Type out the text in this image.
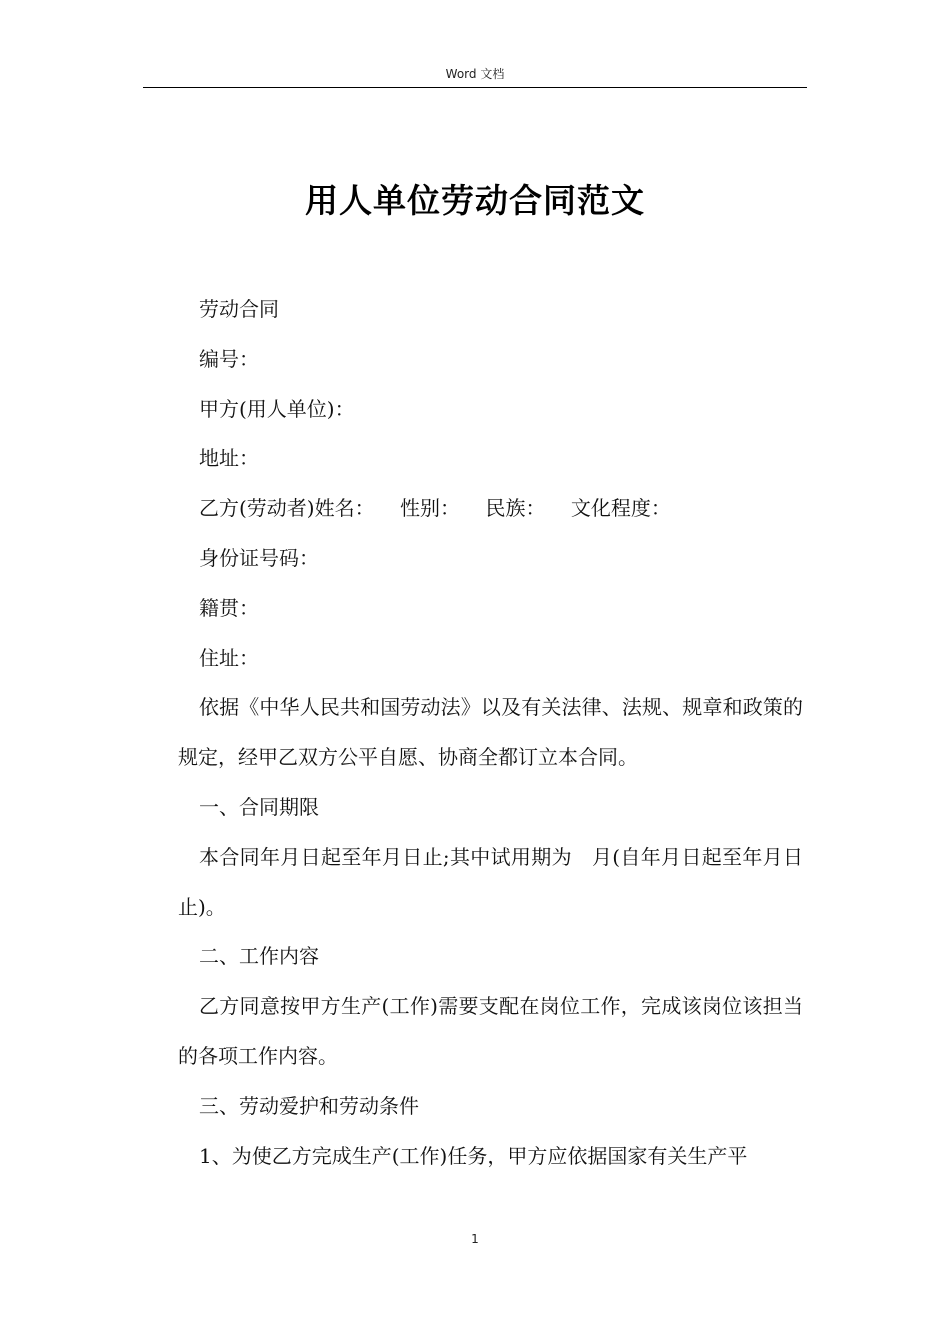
Word 文档
用人单位劳动合同范文

劳动合同

编号：

甲方(用人单位)：

地址：

乙方(劳动者)姓名：    性别：    民族：    文化程度：

身份证号码：

籍贯：

住址：

依据《中华人民共和国劳动法》以及有关法律、法规、规章和政策的规定，经甲乙双方公平自愿、协商全都订立本合同。

一、合同期限

本合同年月日起至年月日止;其中试用期为   月(自年月日起至年月日止)。

二、工作内容

乙方同意按甲方生产(工作)需要支配在岗位工作，完成该岗位该担当的各项工作内容。

三、劳动爱护和劳动条件

1、为使乙方完成生产(工作)任务，甲方应依据国家有关生产平

1
